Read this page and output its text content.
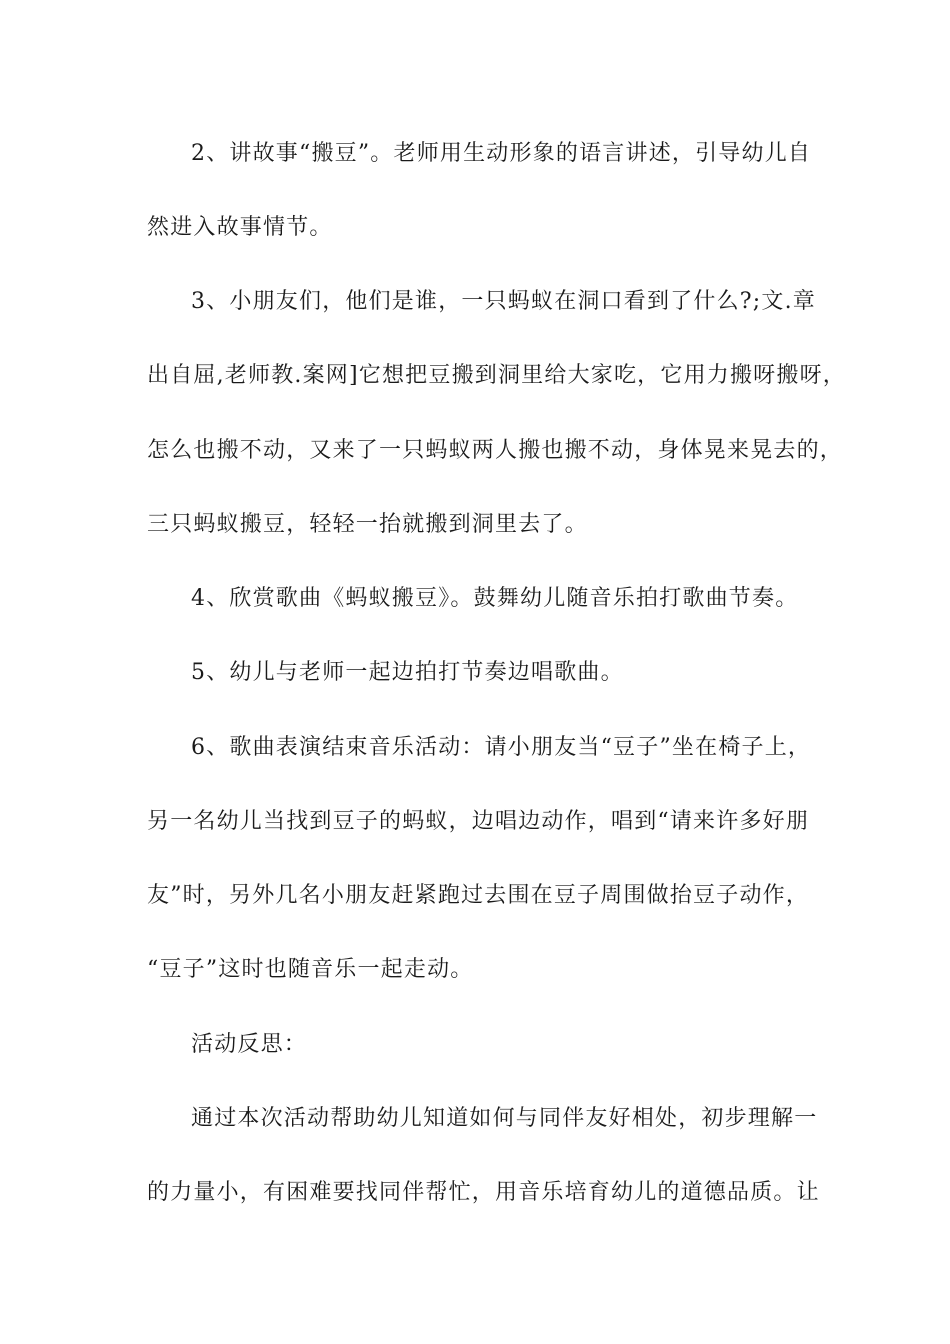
2、讲故事“搬豆”。老师用生动形象的语言讲述，引导幼儿自
然进入故事情节。
3、小朋友们，他们是谁，一只蚂蚁在洞口看到了什么?;文.章
出自屈,老师教.案网]它想把豆搬到洞里给大家吃，它用力搬呀搬呀，
怎么也搬不动，又来了一只蚂蚁两人搬也搬不动，身体晃来晃去的，
三只蚂蚁搬豆，轻轻一抬就搬到洞里去了。
4、欣赏歌曲《蚂蚁搬豆》。鼓舞幼儿随音乐拍打歌曲节奏。
5、幼儿与老师一起边拍打节奏边唱歌曲。
6、歌曲表演结束音乐活动：请小朋友当“豆子”坐在椅子上，
另一名幼儿当找到豆子的蚂蚁，边唱边动作，唱到“请来许多好朋
友”时，另外几名小朋友赶紧跑过去围在豆子周围做抬豆子动作，
“豆子”这时也随音乐一起走动。
活动反思：
通过本次活动帮助幼儿知道如何与同伴友好相处，初步理解一
的力量小，有困难要找同伴帮忙，用音乐培育幼儿的道德品质。让
